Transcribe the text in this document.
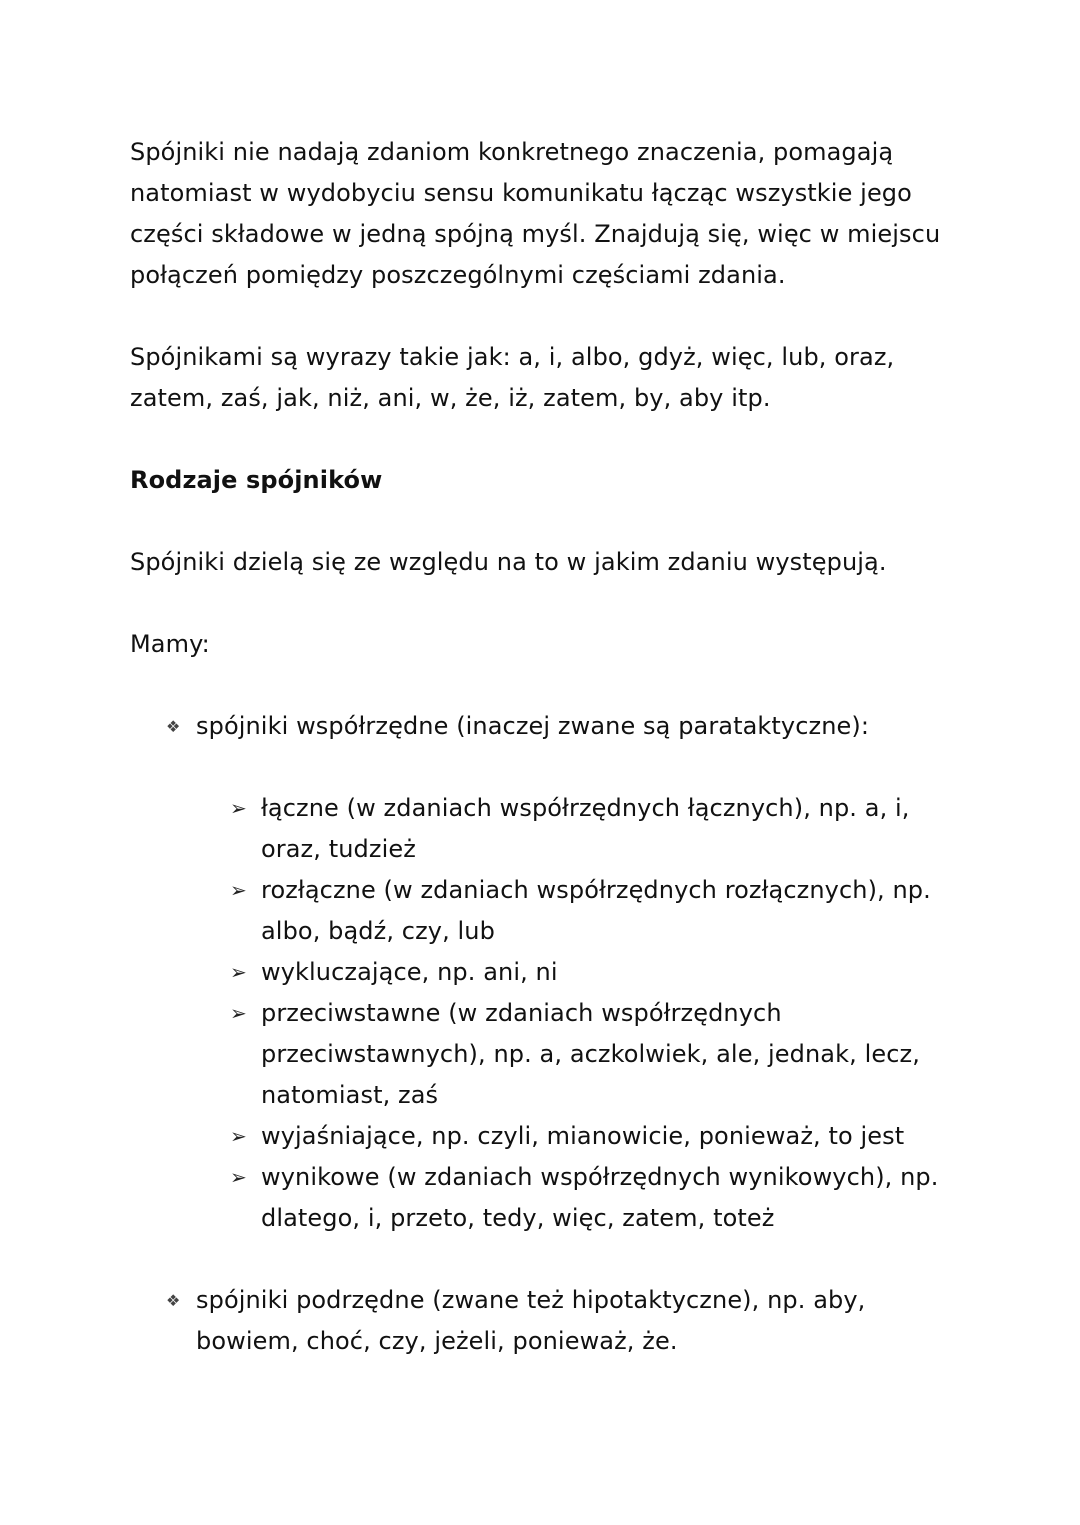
Spójniki nie nadają zdaniom konkretnego znaczenia, pomagają natomiast w wydobyciu sensu komunikatu łącząc wszystkie jego części składowe w jedną spójną myśl. Znajdują się, więc w miejscu połączeń pomiędzy poszczególnymi częściami zdania.

Spójnikami są wyrazy takie jak: a, i, albo, gdyż, więc, lub, oraz, zatem, zaś, jak, niż, ani, w, że, iż, zatem, by, aby itp.

Rodzaje spójników

Spójniki dzielą się ze względu na to w jakim zdaniu występują.

Mamy:

❖ spójniki współrzędne (inaczej zwane są parataktyczne):
➢ łączne (w zdaniach współrzędnych łącznych), np. a, i, oraz, tudzież
➢ rozłączne (w zdaniach współrzędnych rozłącznych), np. albo, bądź, czy, lub
➢ wykluczające, np. ani, ni
➢ przeciwstawne (w zdaniach współrzędnych przeciwstawnych), np. a, aczkolwiek, ale, jednak, lecz, natomiast, zaś
➢ wyjaśniające, np. czyli, mianowicie, ponieważ, to jest
➢ wynikowe (w zdaniach współrzędnych wynikowych), np. dlatego, i, przeto, tedy, więc, zatem, toteż
❖ spójniki podrzędne (zwane też hipotaktyczne), np. aby, bowiem, choć, czy, jeżeli, ponieważ, że.
